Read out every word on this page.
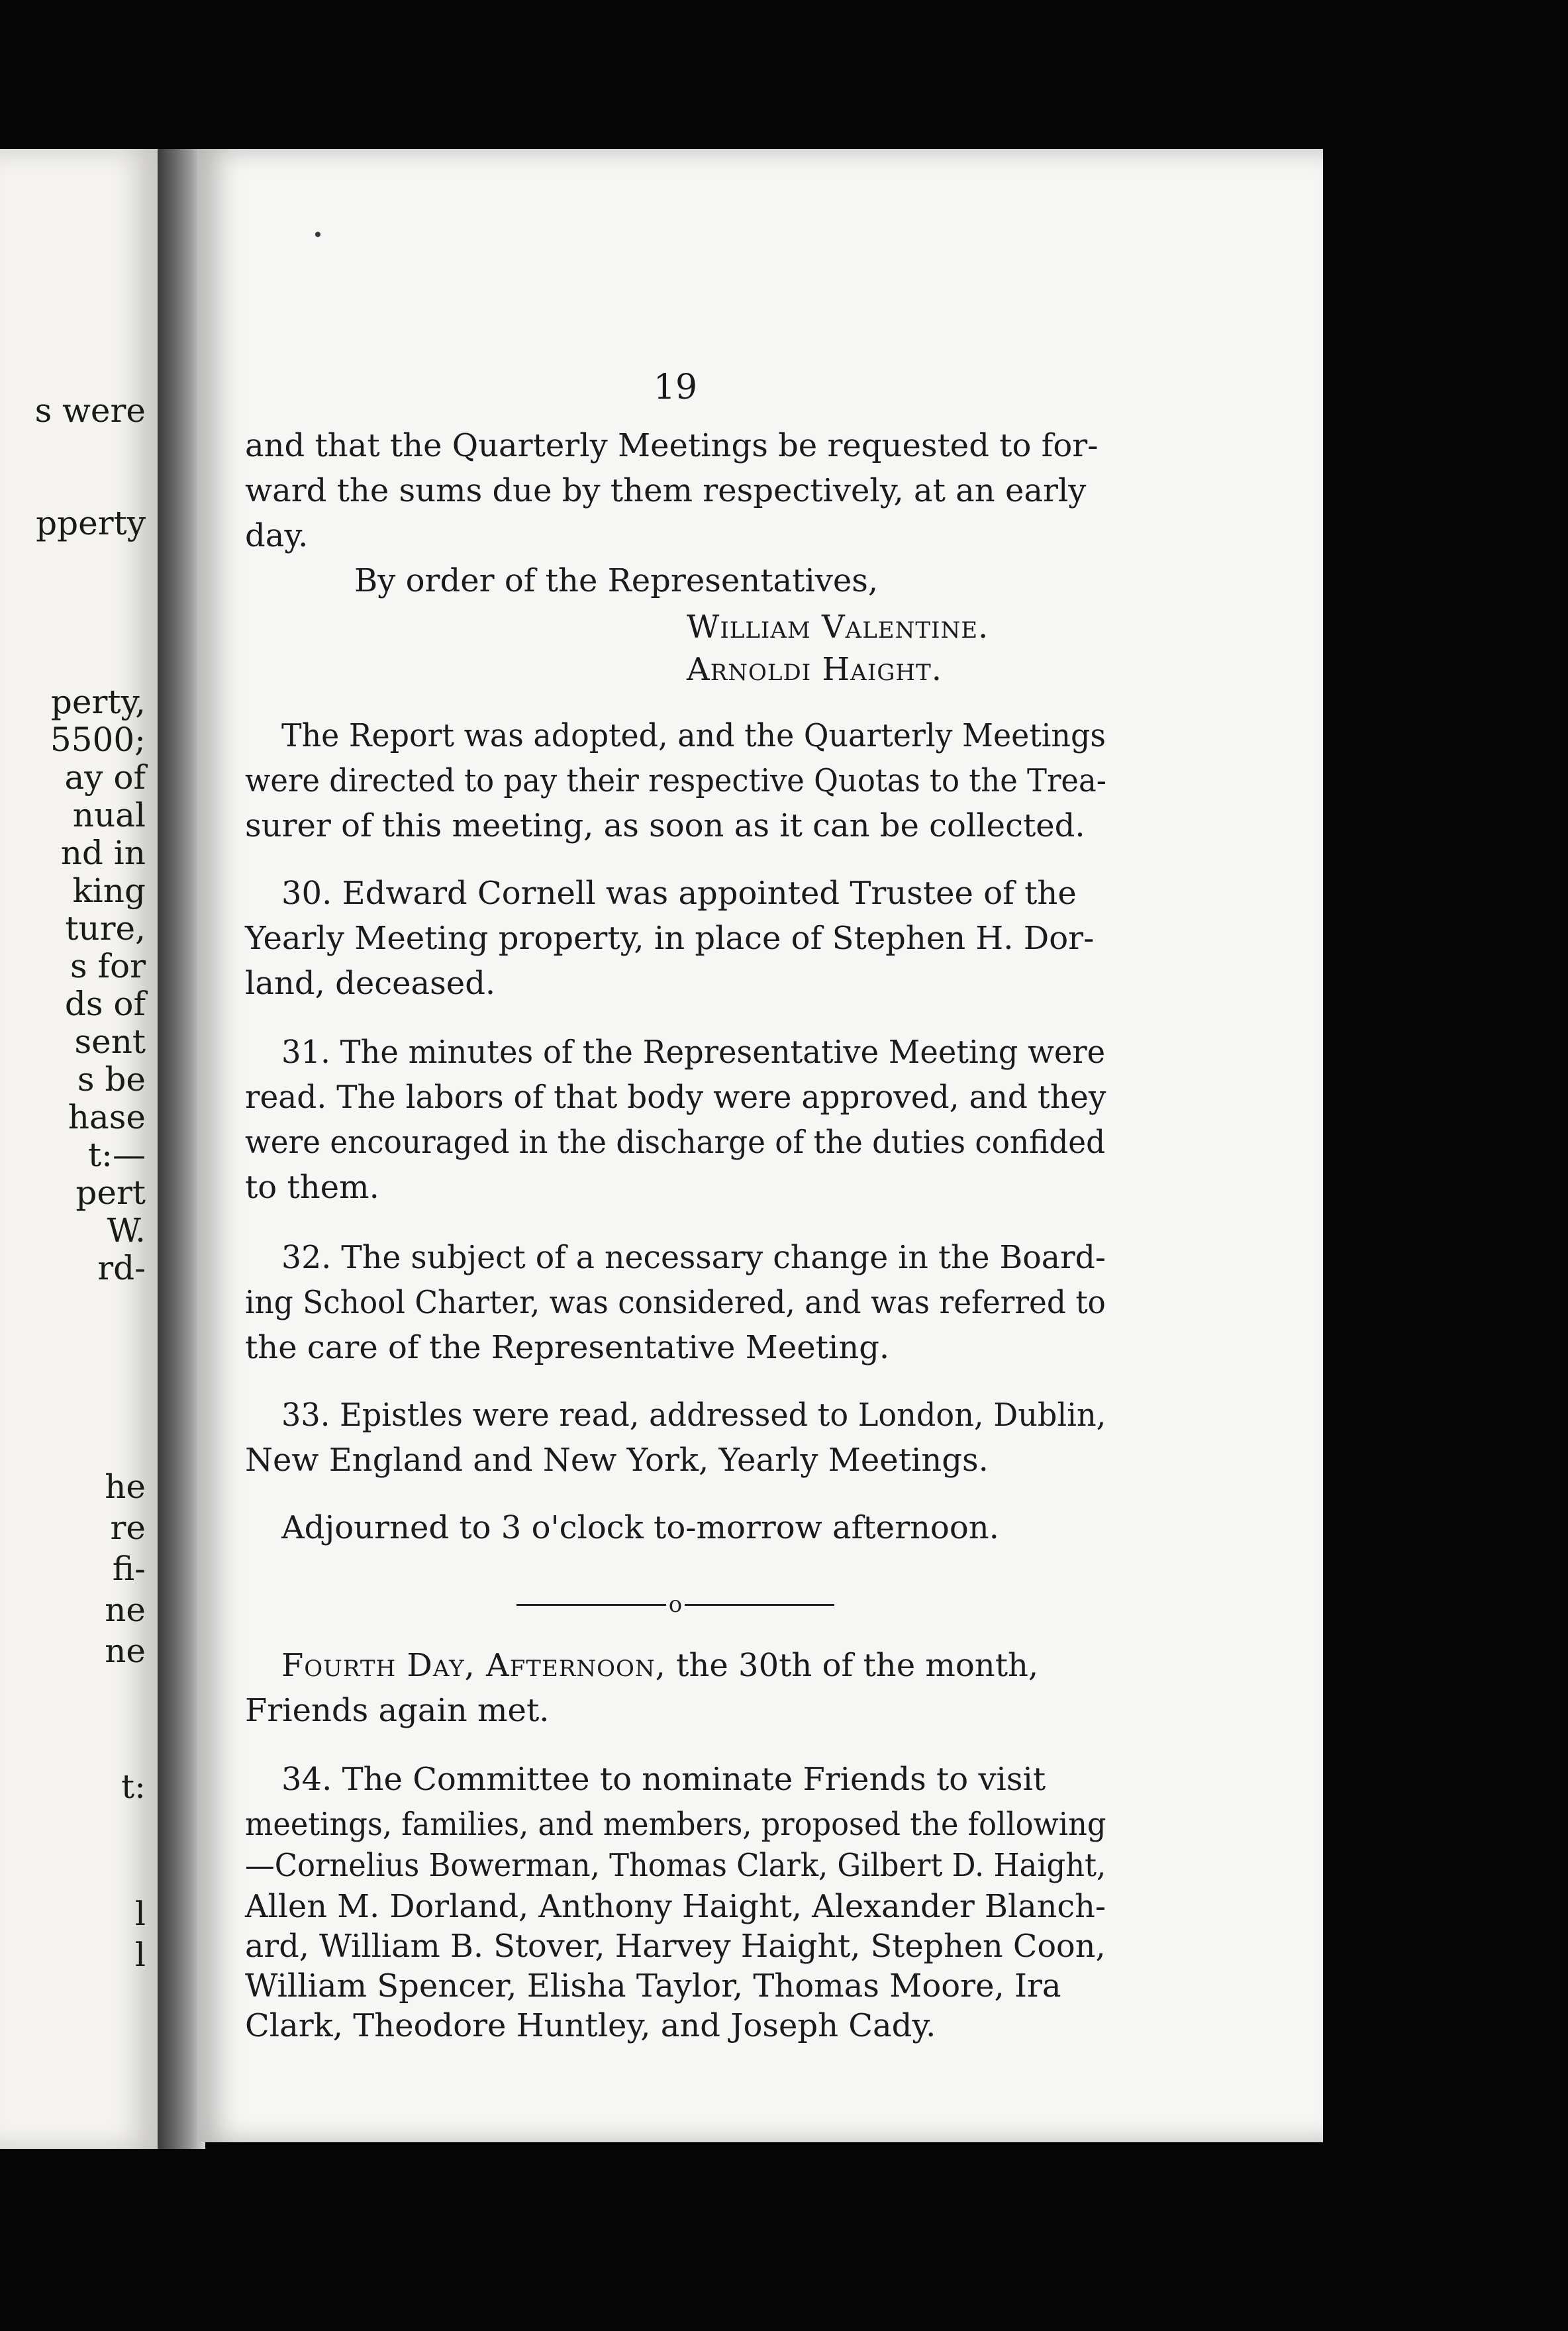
s were
pperty
perty,
5500;
ay of
nual
nd in
king
ture,
s for
ds of
sent
s be
hase
t:—
pert
W.
rd-
he
re
fi-
ne
ne
t:
l
l
19
and that the Quarterly Meetings be requested to for-
ward the sums due by them respectively, at an early
day.
By order of the Representatives,
William Valentine.
Arnoldi Haight.
The Report was adopted, and the Quarterly Meetings
were directed to pay their respective Quotas to the Trea-
surer of this meeting, as soon as it can be collected.
30. Edward Cornell was appointed Trustee of the
Yearly Meeting property, in place of Stephen H. Dor-
land, deceased.
31. The minutes of the Representative Meeting were
read. The labors of that body were approved, and they
were encouraged in the discharge of the duties confided
to them.
32. The subject of a necessary change in the Board-
ing School Charter, was considered, and was referred to
the care of the Representative Meeting.
33. Epistles were read, addressed to London, Dublin,
New England and New York, Yearly Meetings.
Adjourned to 3 o'clock to-morrow afternoon.
o
Fourth Day, Afternoon, the 30th of the month,
Friends again met.
34. The Committee to nominate Friends to visit
meetings, families, and members, proposed the following
—Cornelius Bowerman, Thomas Clark, Gilbert D. Haight,
Allen M. Dorland, Anthony Haight, Alexander Blanch-
ard, William B. Stover, Harvey Haight, Stephen Coon,
William Spencer, Elisha Taylor, Thomas Moore, Ira
Clark, Theodore Huntley, and Joseph Cady.
